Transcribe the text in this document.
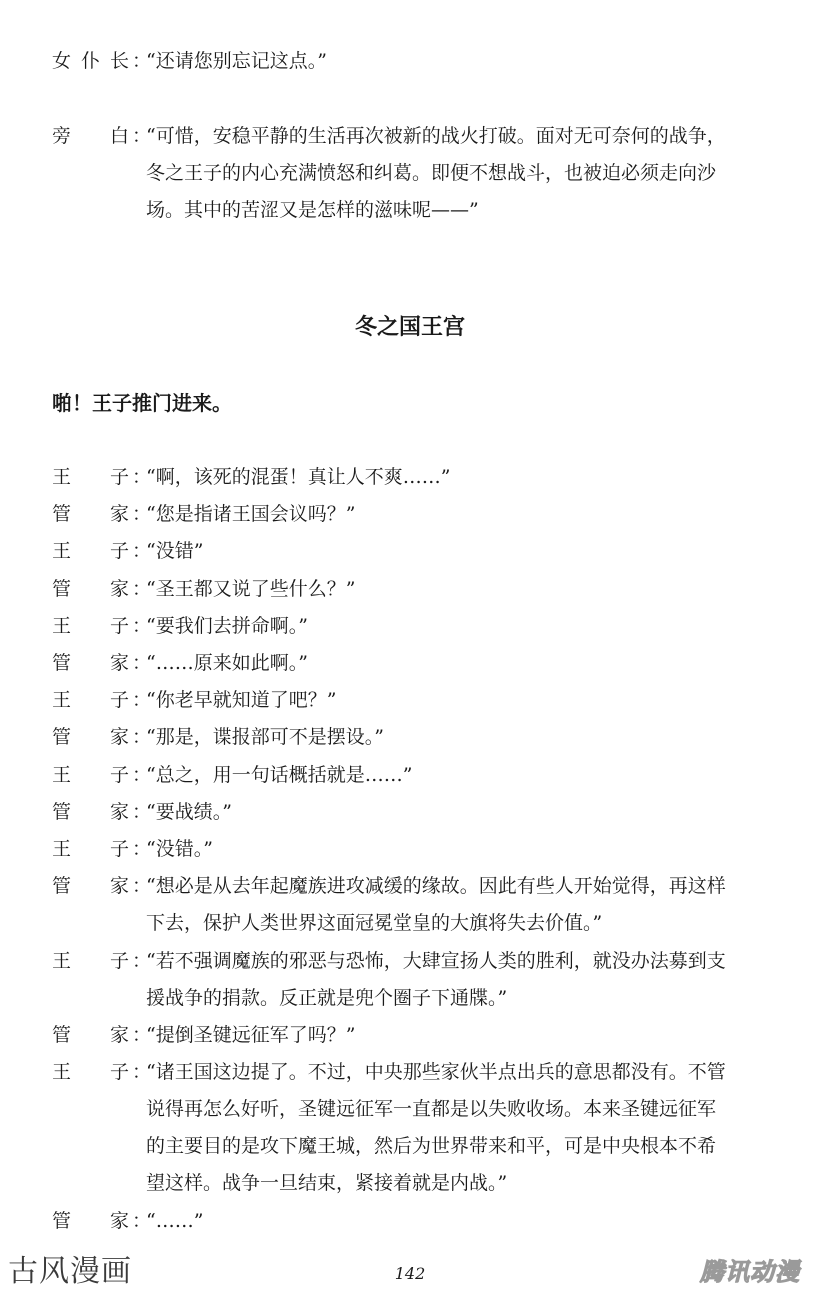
女 仆 长 ：
“还请您别忘记这点。”
旁 白 ：
“可惜，安稳平静的生活再次被新的战火打破。面对无可奈何的战争，
冬之王子的内心充满愤怒和纠葛。即便不想战斗，也被迫必须走向沙
场。其中的苦涩又是怎样的滋味呢——”
冬之国王宫
啪！王子推门进来。
王 子 ：
“啊，该死的混蛋！真让人不爽……”
管 家 ：
“您是指诸王国会议吗？”
王 子 ：
“没错”
管 家 ：
“圣王都又说了些什么？”
王 子 ：
“要我们去拼命啊。”
管 家 ：
“……原来如此啊。”
王 子 ：
“你老早就知道了吧？”
管 家 ：
“那是，谍报部可不是摆设。”
王 子 ：
“总之，用一句话概括就是……”
管 家 ：
“要战绩。”
王 子 ：
“没错。”
管 家 ：
“想必是从去年起魔族进攻减缓的缘故。因此有些人开始觉得，再这样
下去，保护人类世界这面冠冕堂皇的大旗将失去价值。”
王 子 ：
“若不强调魔族的邪恶与恐怖，大肆宣扬人类的胜利，就没办法募到支
援战争的捐款。反正就是兜个圈子下通牒。”
管 家 ：
“提倒圣键远征军了吗？”
王 子 ：
“诸王国这边提了。不过，中央那些家伙半点出兵的意思都没有。不管
说得再怎么好听，圣键远征军一直都是以失败收场。本来圣键远征军
的主要目的是攻下魔王城，然后为世界带来和平，可是中央根本不希
望这样。战争一旦结束，紧接着就是内战。”
管 家 ：
“……”
142
古风漫画	腾讯动漫
